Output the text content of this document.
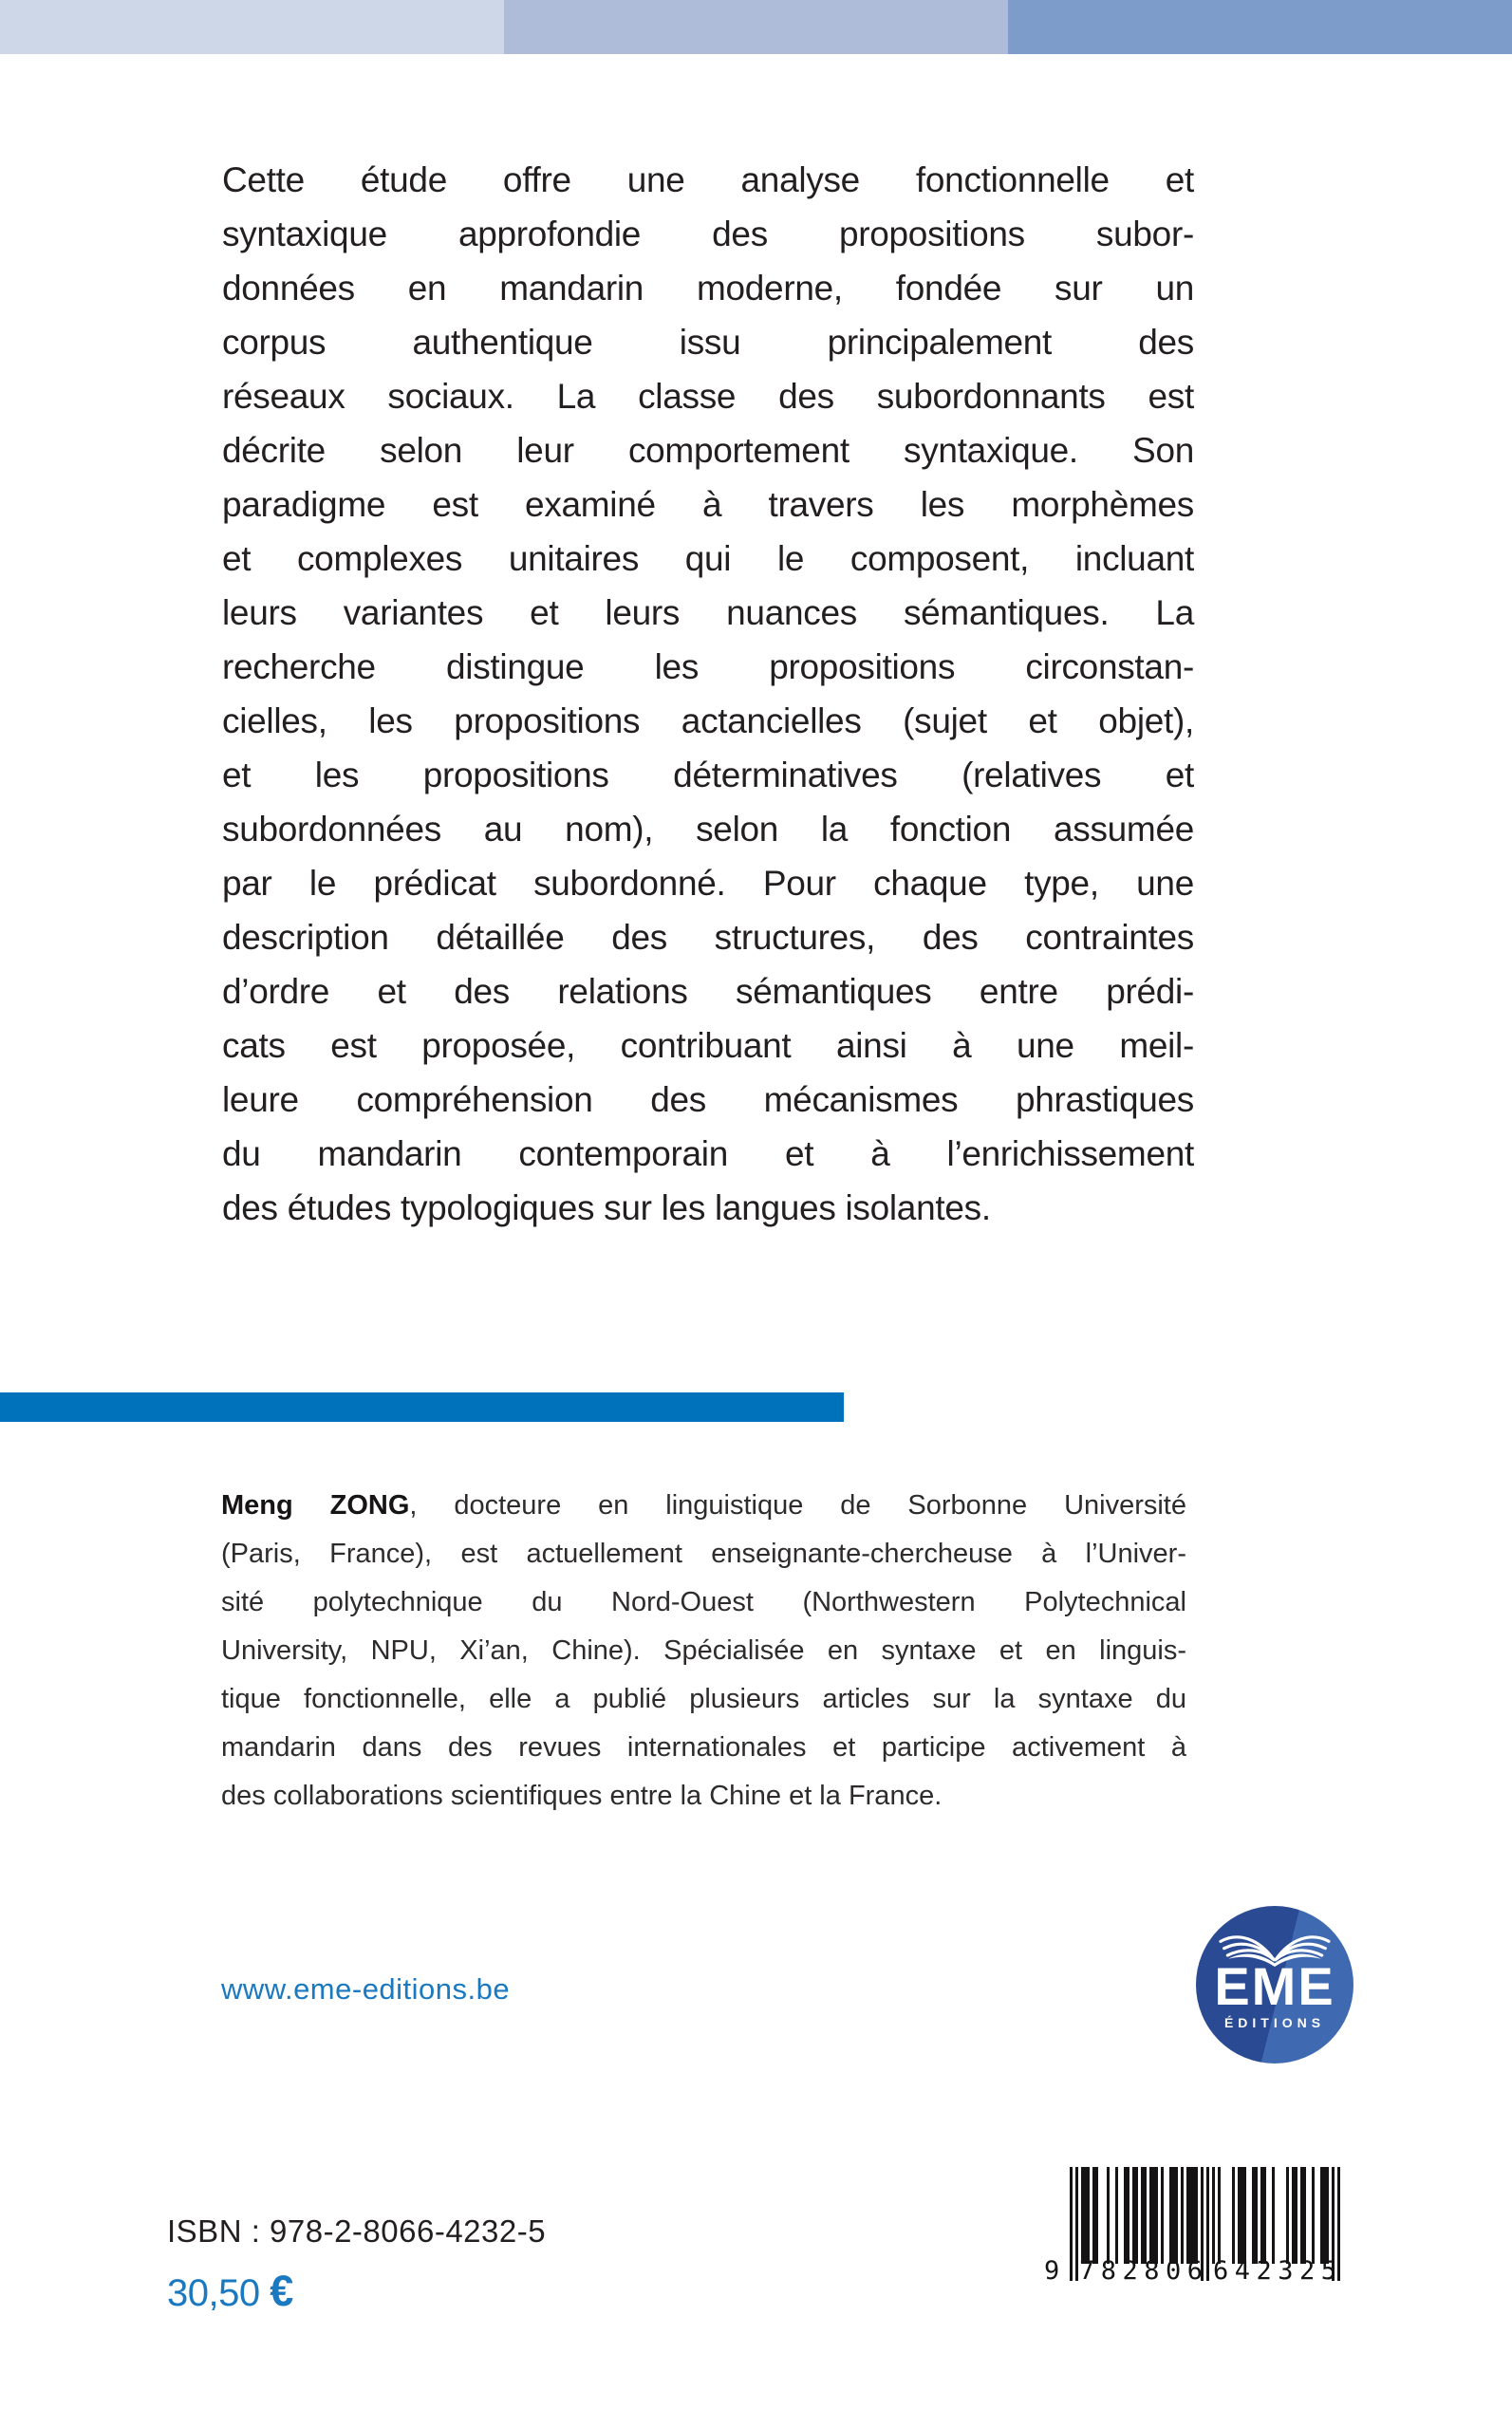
Cette étude offre une analyse fonctionnelle et
syntaxique approfondie des propositions subor-
données en mandarin moderne, fondée sur un
corpus authentique issu principalement des
réseaux sociaux. La classe des subordonnants est
décrite selon leur comportement syntaxique. Son
paradigme est examiné à travers les morphèmes
et complexes unitaires qui le composent, incluant
leurs variantes et leurs nuances sémantiques. La
recherche distingue les propositions circonstan-
cielles, les propositions actancielles (sujet et objet),
et les propositions déterminatives (relatives et
subordonnées au nom), selon la fonction assumée
par le prédicat subordonné. Pour chaque type, une
description détaillée des structures, des contraintes
d’ordre et des relations sémantiques entre prédi-
cats est proposée, contribuant ainsi à une meil-
leure compréhension des mécanismes phrastiques
du mandarin contemporain et à l’enrichissement
des études typologiques sur les langues isolantes.
Meng ZONG, docteure en linguistique de Sorbonne Université
(Paris, France), est actuellement enseignante-chercheuse à l’Univer-
sité polytechnique du Nord-Ouest (Northwestern Polytechnical
University, NPU, Xi’an, Chine). Spécialisée en syntaxe et en linguis-
tique fonctionnelle, elle a publié plusieurs articles sur la syntaxe du
mandarin dans des revues internationales et participe activement à
des collaborations scientifiques entre la Chine et la France.
www.eme-editions.be	EME
ÉDITIONS
ISBN : 978-2-8066-4232-5
30,50 €	9 782806 642325
